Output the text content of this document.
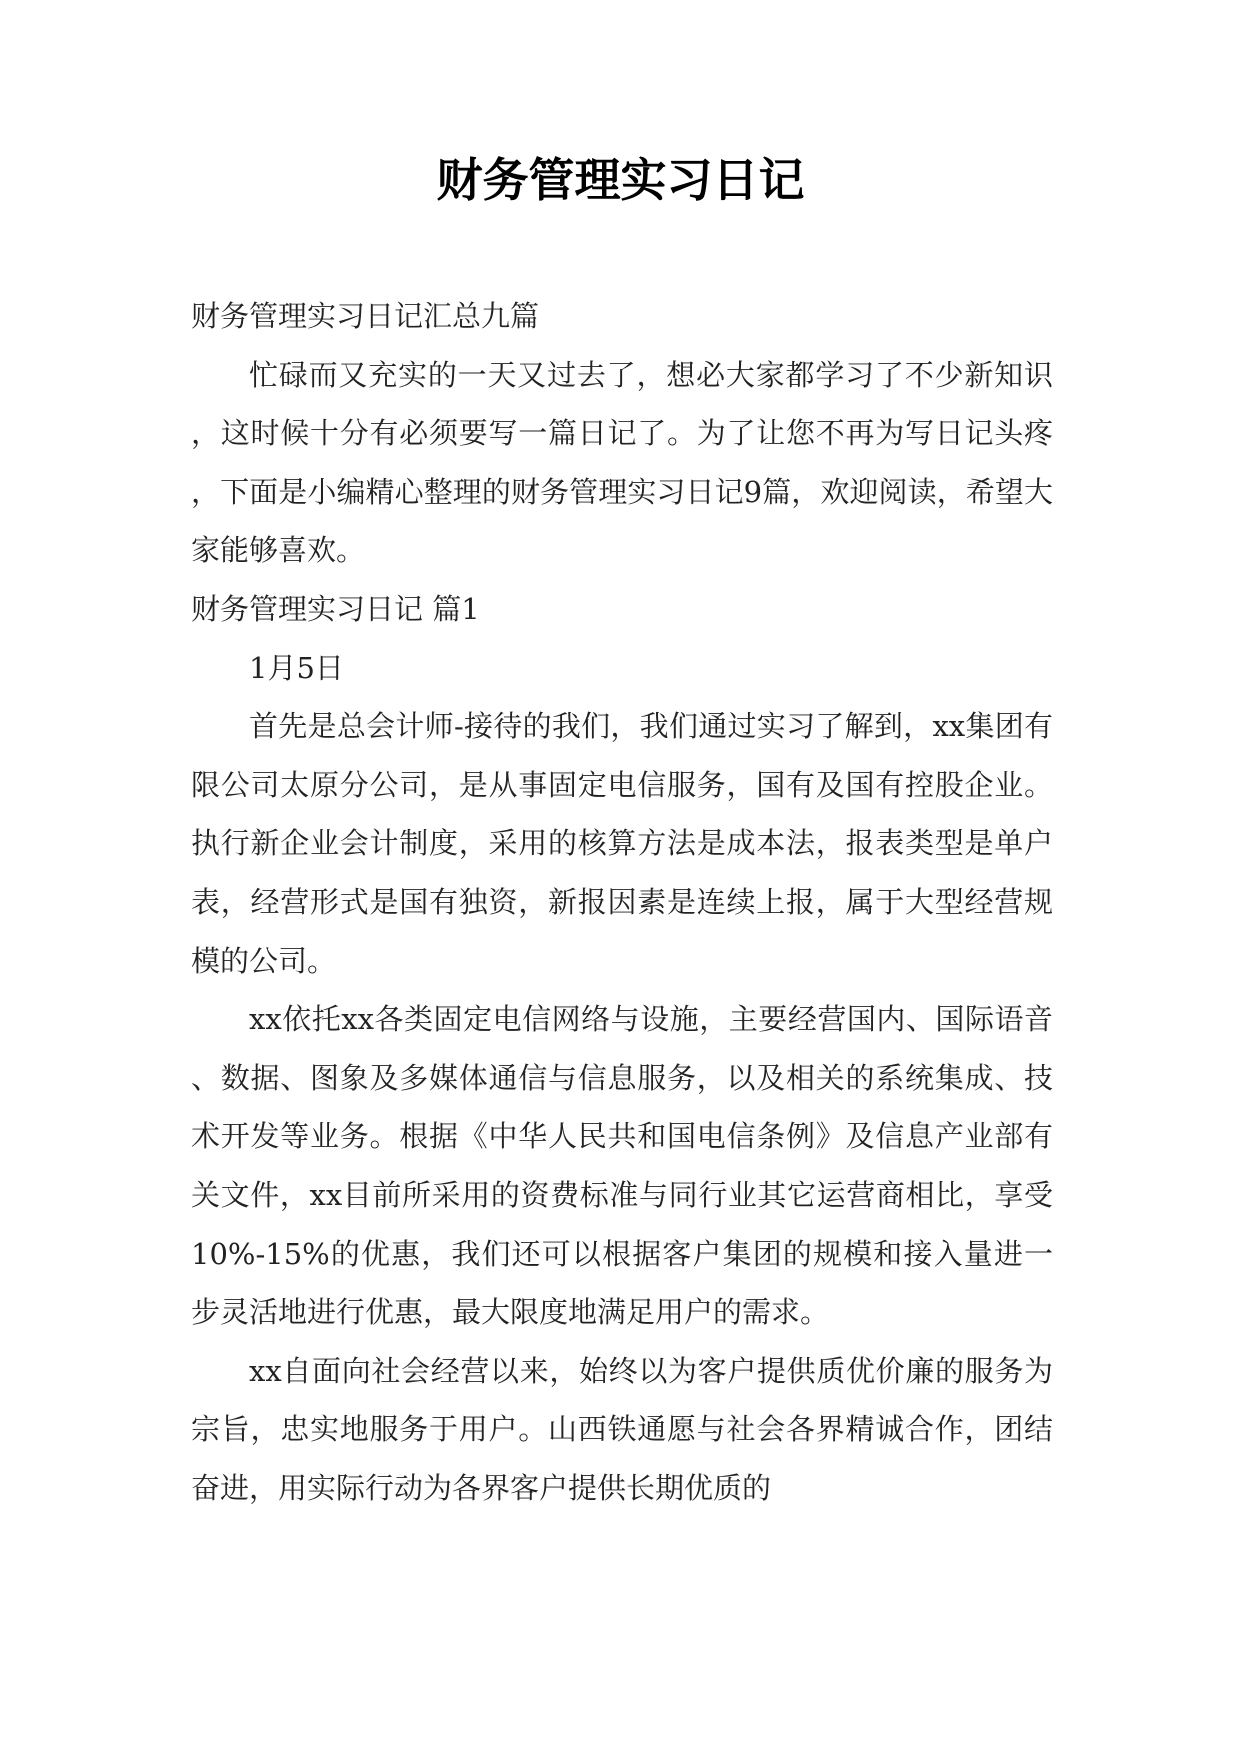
财务管理实习日记

财务管理实习日记汇总九篇

忙碌而又充实的一天又过去了，想必大家都学习了不少新知识，这时候十分有必须要写一篇日记了。为了让您不再为写日记头疼，下面是小编精心整理的财务管理实习日记9篇，欢迎阅读，希望大家能够喜欢。

财务管理实习日记 篇1

1月5日

首先是总会计师-接待的我们，我们通过实习了解到，xx集团有限公司太原分公司，是从事固定电信服务，国有及国有控股企业。执行新企业会计制度，采用的核算方法是成本法，报表类型是单户表，经营形式是国有独资，新报因素是连续上报，属于大型经营规模的公司。

xx依托xx各类固定电信网络与设施，主要经营国内、国际语音、数据、图象及多媒体通信与信息服务，以及相关的系统集成、技术开发等业务。根据《中华人民共和国电信条例》及信息产业部有关文件，xx目前所采用的资费标准与同行业其它运营商相比，享受10%-15%的优惠，我们还可以根据客户集团的规模和接入量进一步灵活地进行优惠，最大限度地满足用户的需求。

xx自面向社会经营以来，始终以为客户提供质优价廉的服务为宗旨，忠实地服务于用户。山西铁通愿与社会各界精诚合作，团结奋进，用实际行动为各界客户提供长期优质的
